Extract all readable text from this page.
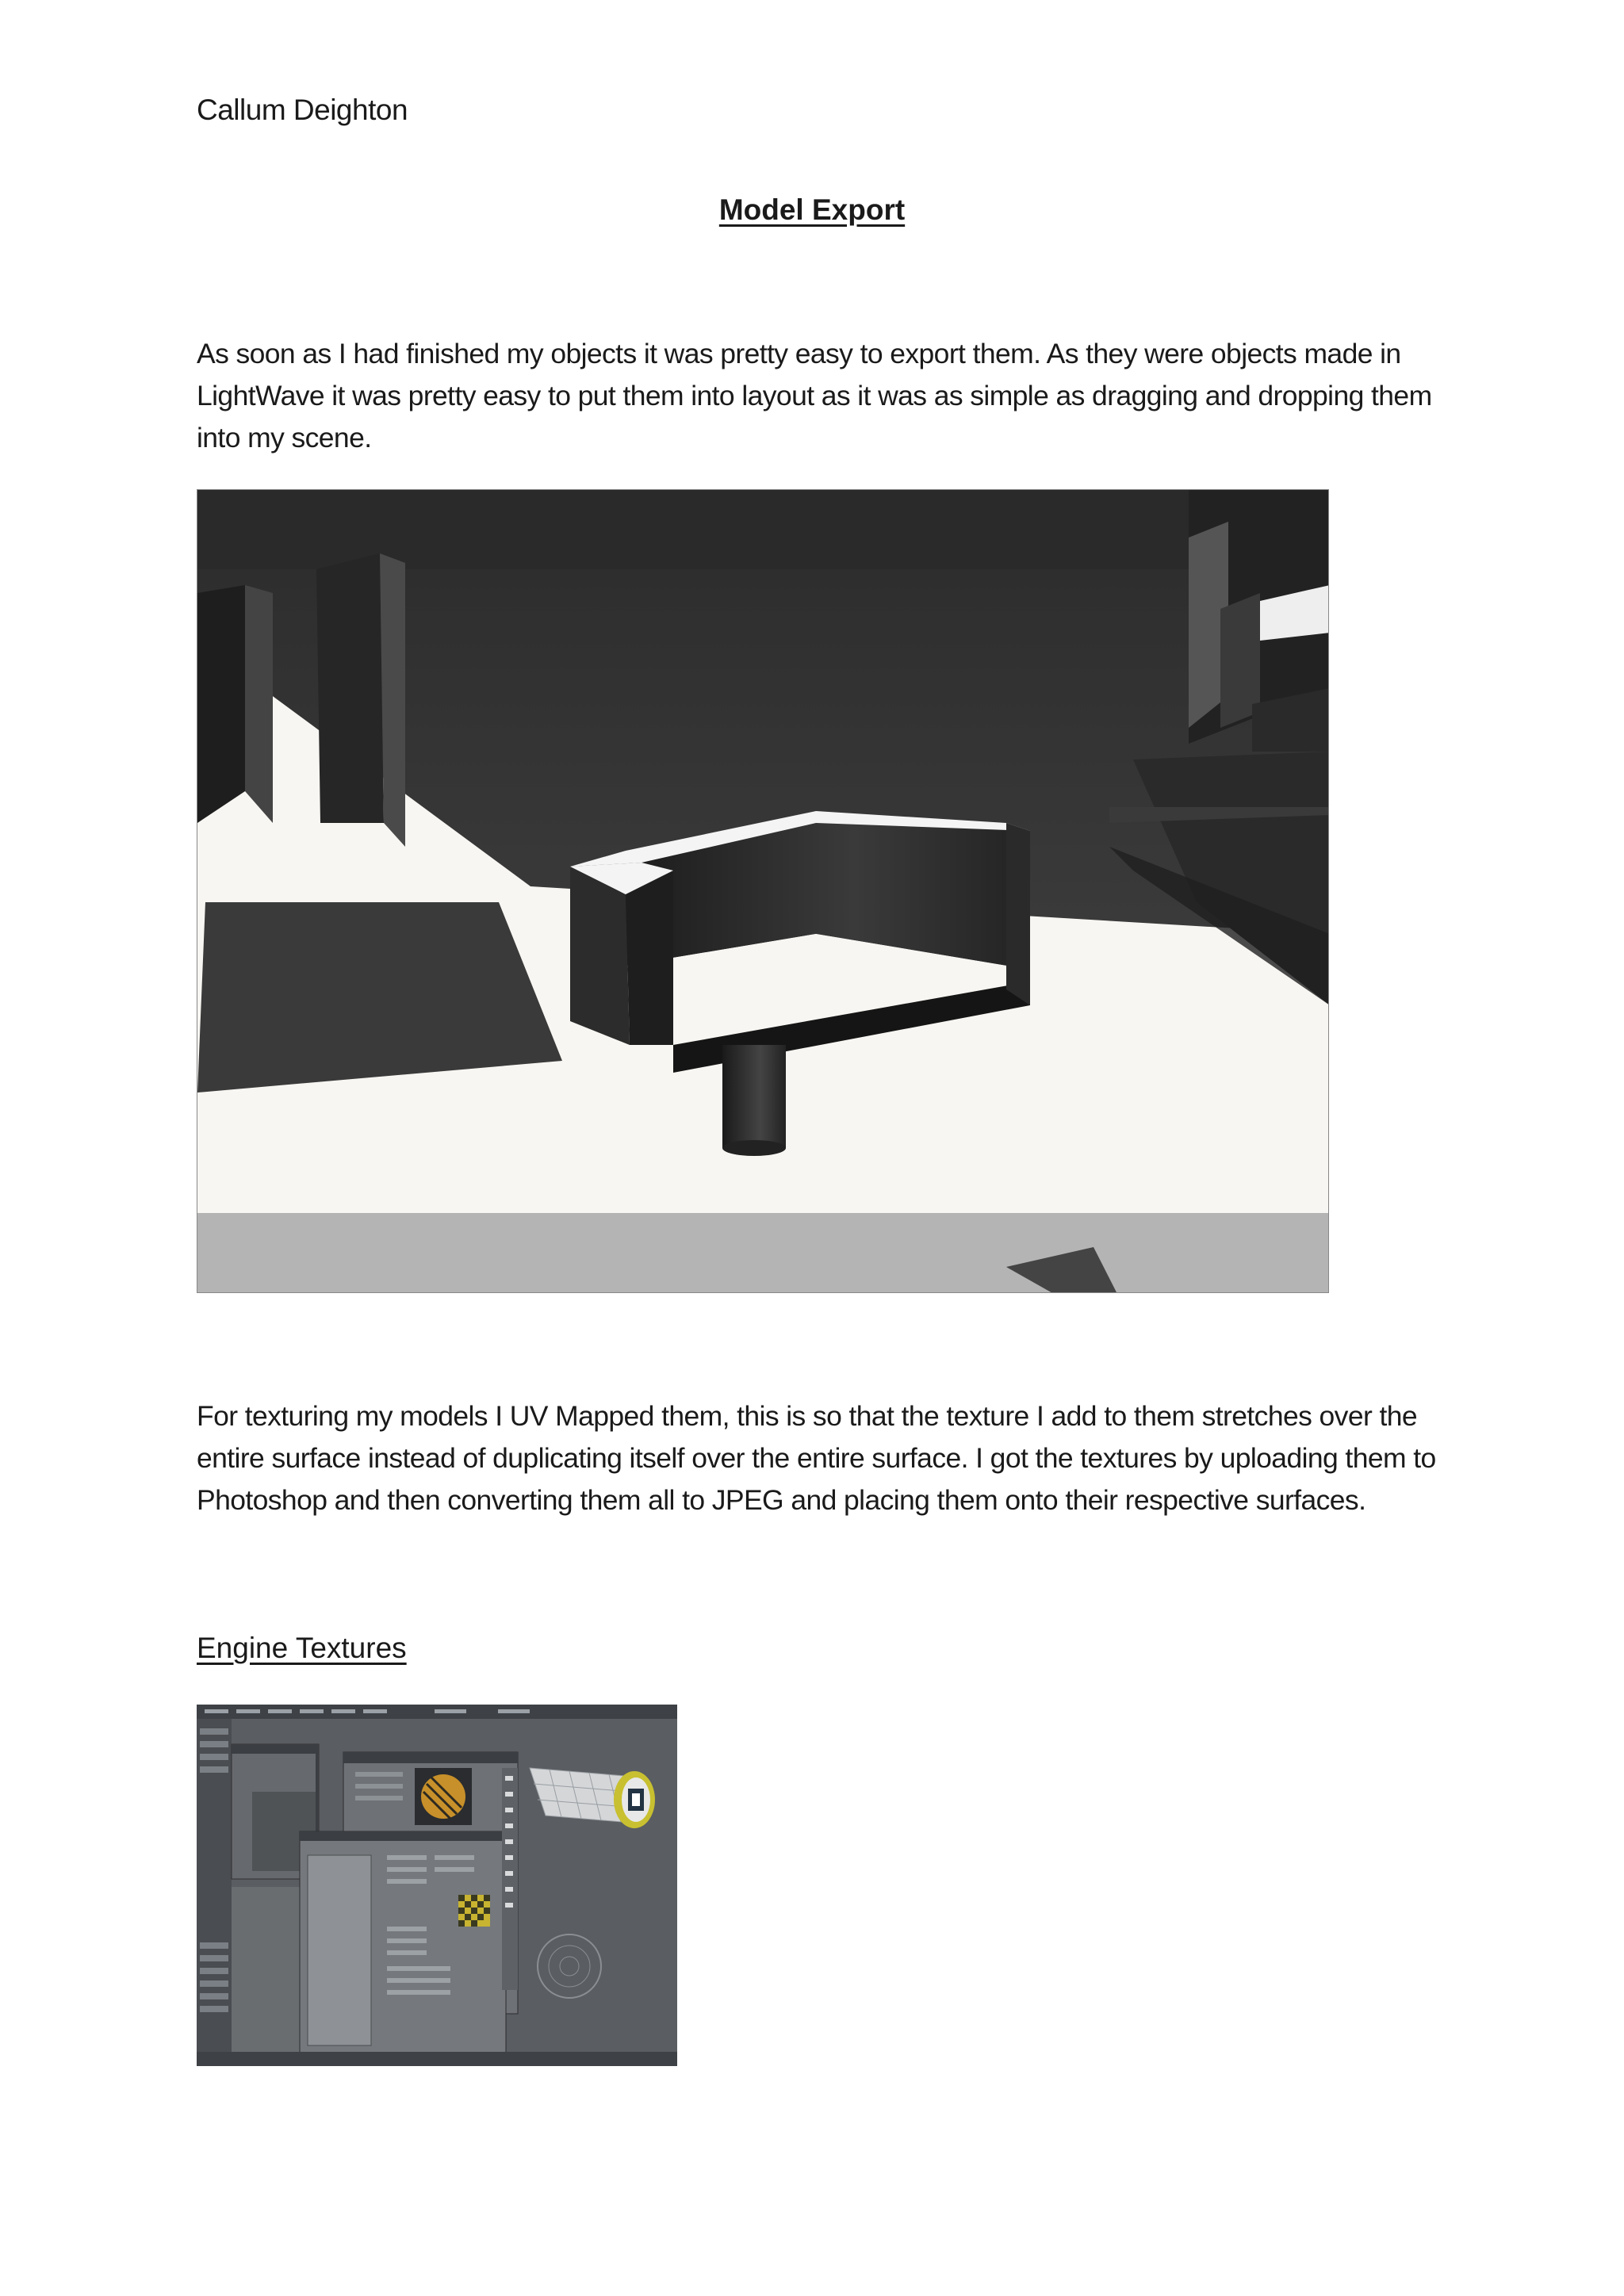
Callum Deighton
Model Export

As soon as I had finished my objects it was pretty easy to export them. As they were objects made in LightWave it was pretty easy to put them into layout as it was as simple as dragging and dropping them into my scene.

For texturing my models I UV Mapped them, this is so that the texture I add to them stretches over the entire surface instead of duplicating itself over the entire surface. I got the textures by uploading them to Photoshop and then converting them all to JPEG and placing them onto their respective surfaces.

Engine Textures
